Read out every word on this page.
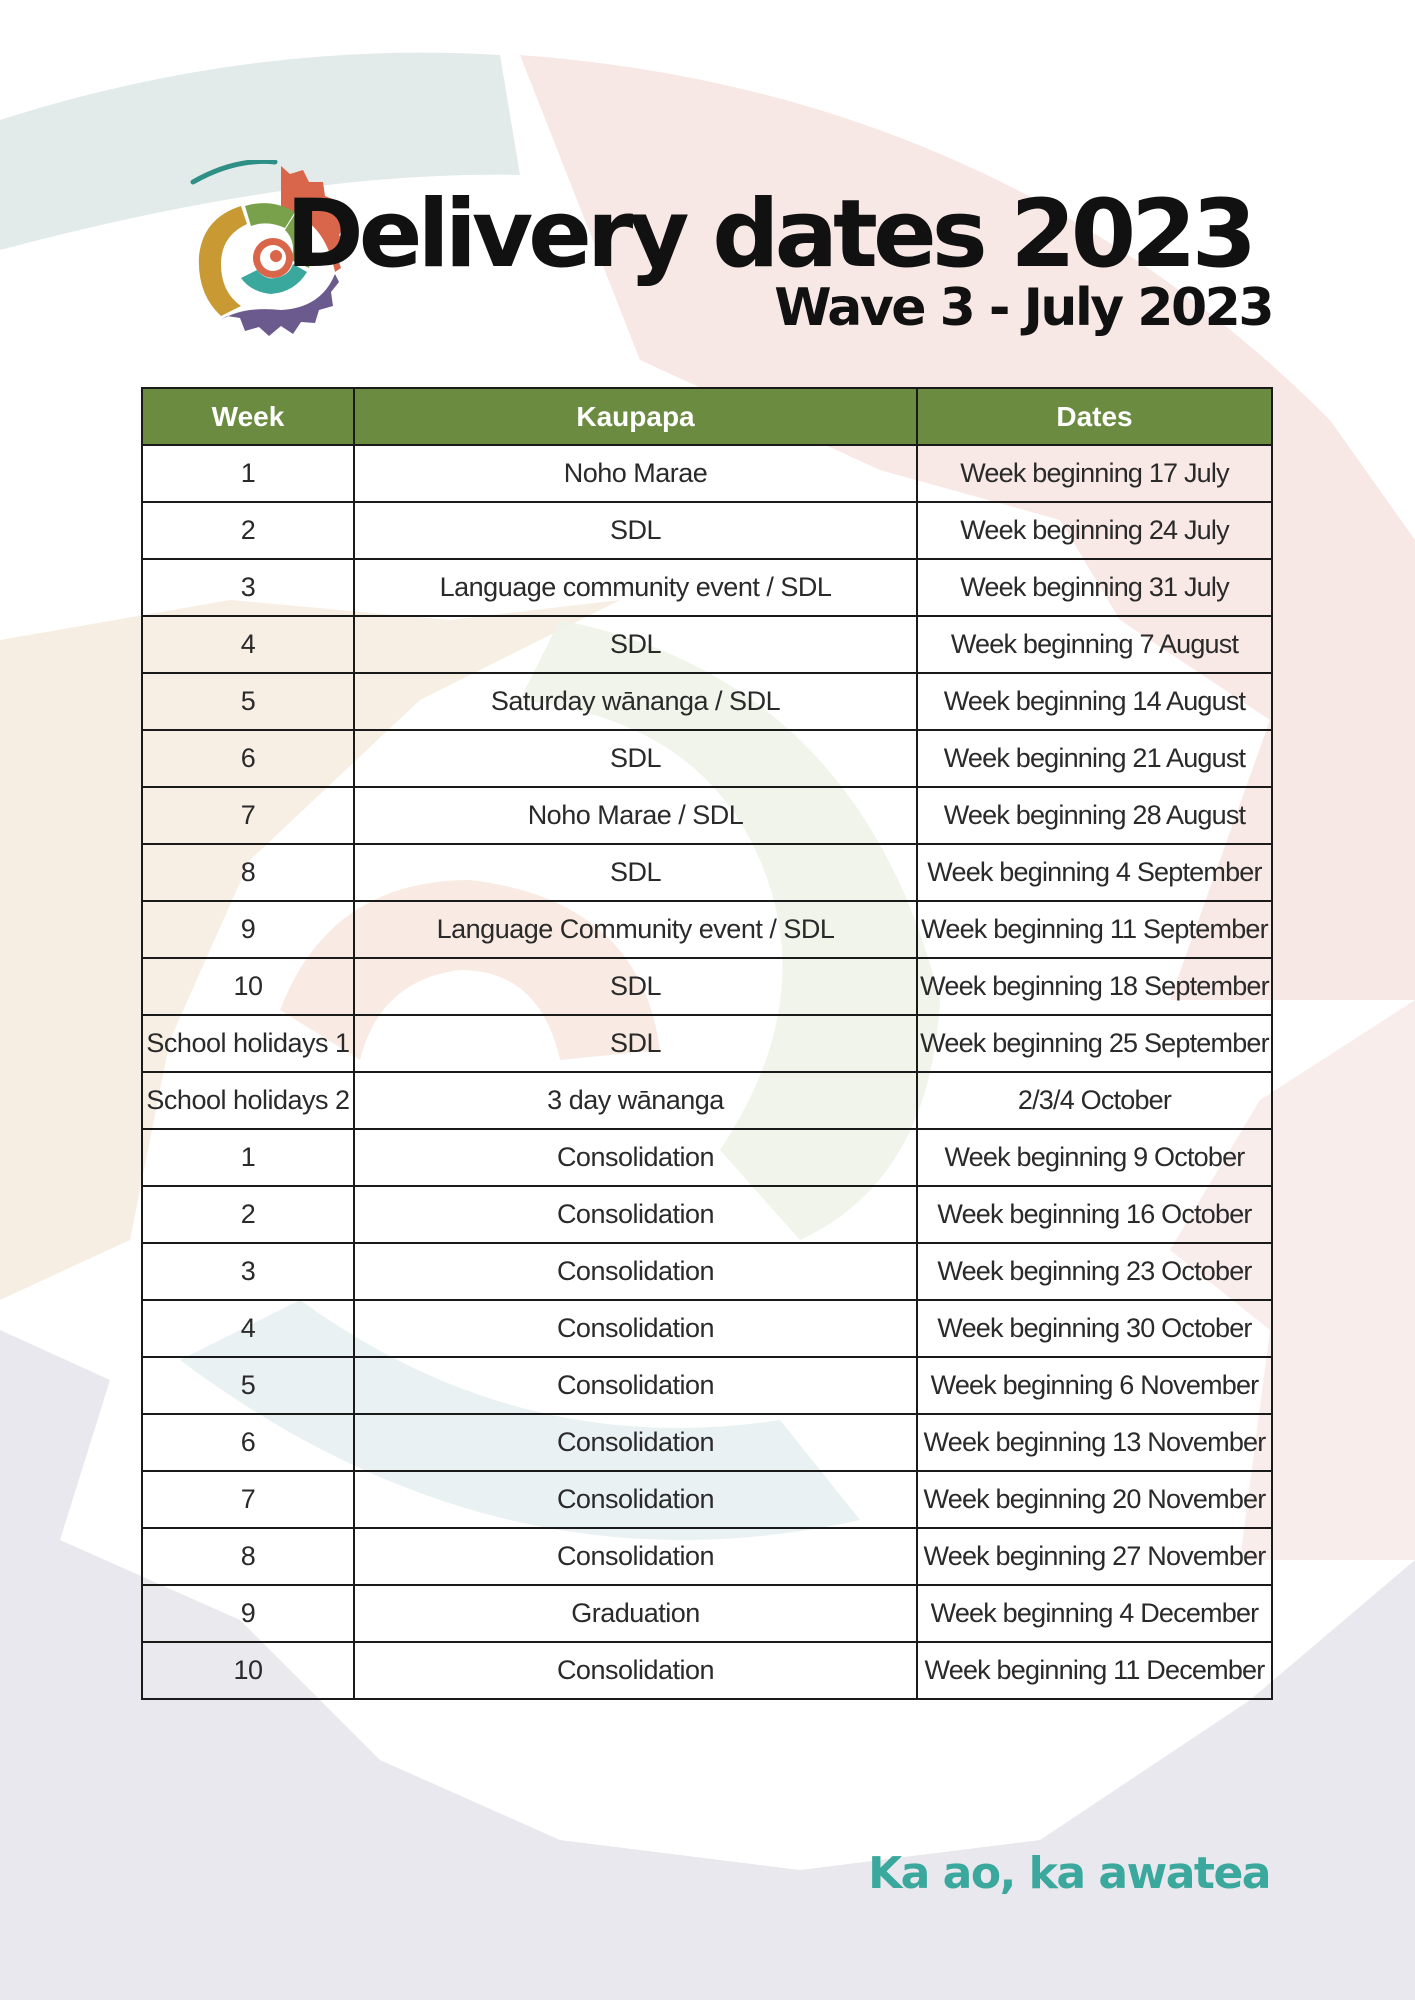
Delivery dates 2023
Wave 3 - July 2023
Week	Kaupapa	Dates
1	Noho Marae	Week beginning 17 July
2	SDL	Week beginning 24 July
3	Language community event / SDL	Week beginning 31 July
4	SDL	Week beginning 7 August
5	Saturday wānanga / SDL	Week beginning 14 August
6	SDL	Week beginning 21 August
7	Noho Marae / SDL	Week beginning 28 August
8	SDL	Week beginning 4 September
9	Language Community event / SDL	Week beginning 11 September
10	SDL	Week beginning 18 September
School holidays 1	SDL	Week beginning 25 September
School holidays 2	3 day wānanga	2/3/4 October
1	Consolidation	Week beginning 9 October
2	Consolidation	Week beginning 16 October
3	Consolidation	Week beginning 23 October
4	Consolidation	Week beginning 30 October
5	Consolidation	Week beginning 6 November
6	Consolidation	Week beginning 13 November
7	Consolidation	Week beginning 20 November
8	Consolidation	Week beginning 27 November
9	Graduation	Week beginning 4 December
10	Consolidation	Week beginning 11 December
Ka ao, ka awatea
